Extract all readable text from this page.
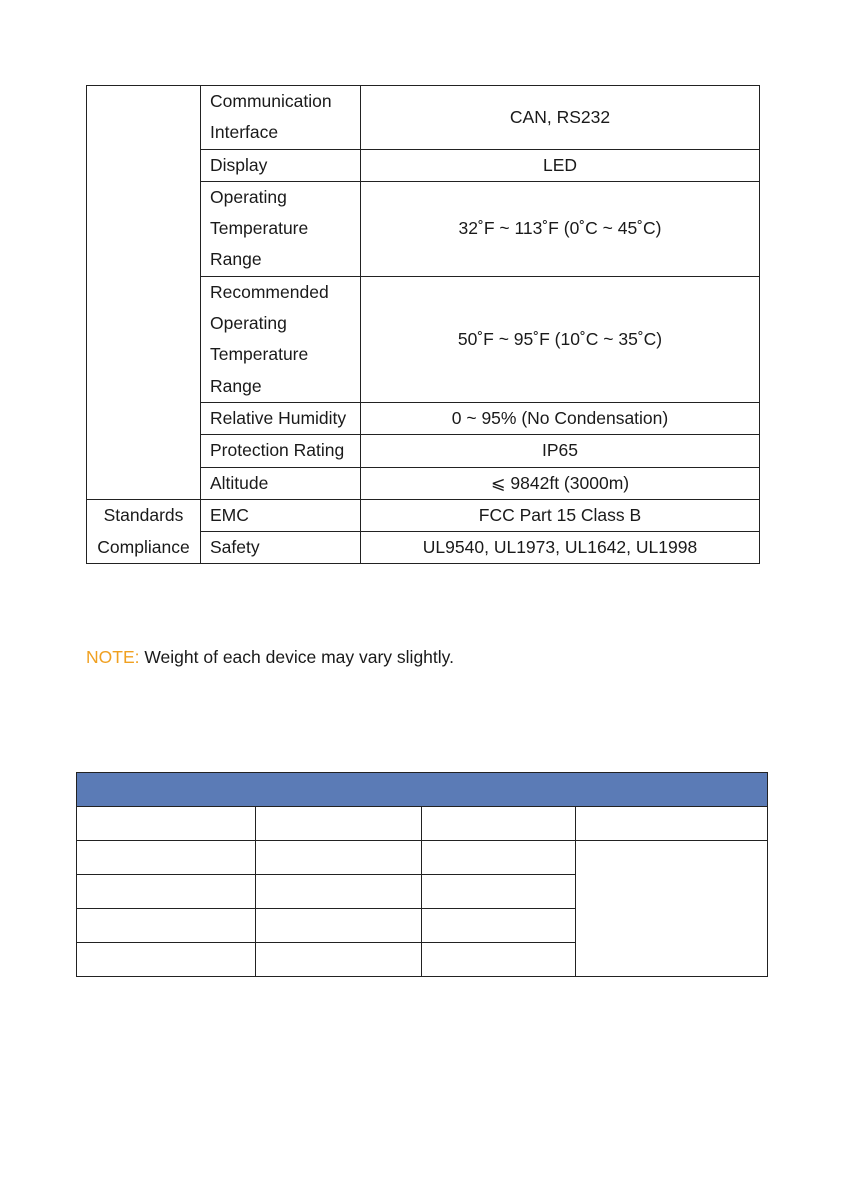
	Communication Interface	CAN, RS232
	Display	LED
	Operating Temperature Range	32˚F ~ 113˚F (0˚C ~ 45˚C)
	Recommended Operating Temperature Range	50˚F ~ 95˚F (10˚C ~ 35˚C)
	Relative Humidity	0 ~ 95% (No Condensation)
	Protection Rating	IP65
	Altitude	⩽ 9842ft (3000m)
Standards Compliance	EMC	FCC Part 15 Class B
	Safety	UL9540, UL1973, UL1642, UL1998
NOTE: Weight of each device may vary slightly.
